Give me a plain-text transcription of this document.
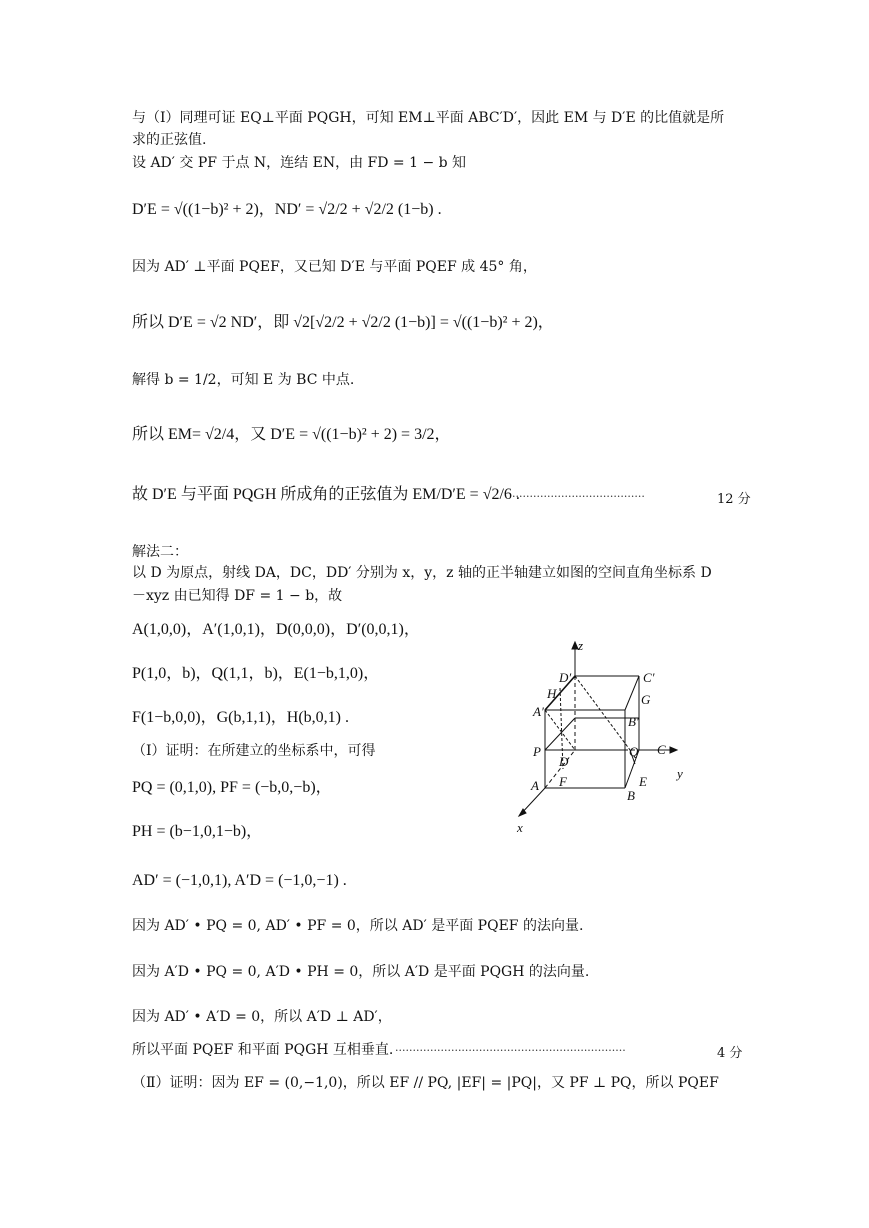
与（Ⅰ）同理可证 EQ⊥平面 PQGH，可知 EM⊥平面 ABC′D′，因此 EM 与 D′E 的比值就是所
求的正弦值.
设 AD′ 交 PF 于点 N，连结 EN，由 FD = 1 − b 知
D′E = √((1−b)² + 2)，ND′ = √2/2 + √2/2 (1−b) .
因为 AD′ ⊥平面 PQEF，又已知 D′E 与平面 PQEF 成 45° 角，
所以 D′E = √2 ND′，即 √2[√2/2 + √2/2 (1−b)] = √((1−b)² + 2)，
解得 b = 1/2，可知 E 为 BC 中点.
所以 EM= √2/4，又 D′E = √((1−b)² + 2) = 3/2，
故 D′E 与平面 PQGH 所成角的正弦值为 EM/D′E = √2/6 .
······································	12 分
解法二：
以 D 为原点，射线 DA，DC，DD′ 分别为 x，y，z 轴的正半轴建立如图的空间直角坐标系 D
－xyz 由已知得 DF = 1 − b，故
A(1,0,0)，A′(1,0,1)，D(0,0,0)，D′(0,0,1)，
P(1,0，b)，Q(1,1，b)，E(1−b,1,0)，
F(1−b,0,0)，G(b,1,1)，H(b,0,1) .
（Ⅰ）证明：在所建立的坐标系中，可得
PQ = (0,1,0), PF = (−b,0,−b)，
PH = (b−1,0,1−b)，
AD′ = (−1,0,1), A′D = (−1,0,−1) .
因为 AD′ • PQ = 0, AD′ • PF = 0，所以 AD′ 是平面 PQEF 的法向量.
因为 A′D • PQ = 0, A′D • PH = 0，所以 A′D 是平面 PQGH 的法向量.
因为 AD′ • A′D = 0，所以 A′D ⊥ AD′，
所以平面 PQEF 和平面 PQGH 互相垂直. ··································································	4 分
（Ⅱ）证明：因为 EF = (0,−1,0)，所以 EF // PQ, |EF| = |PQ|，又 PF ⊥ PQ，所以 PQEF
z
D′	C′
H	G
A′
B′
P	Q C
D
y
A F	E
B
x
